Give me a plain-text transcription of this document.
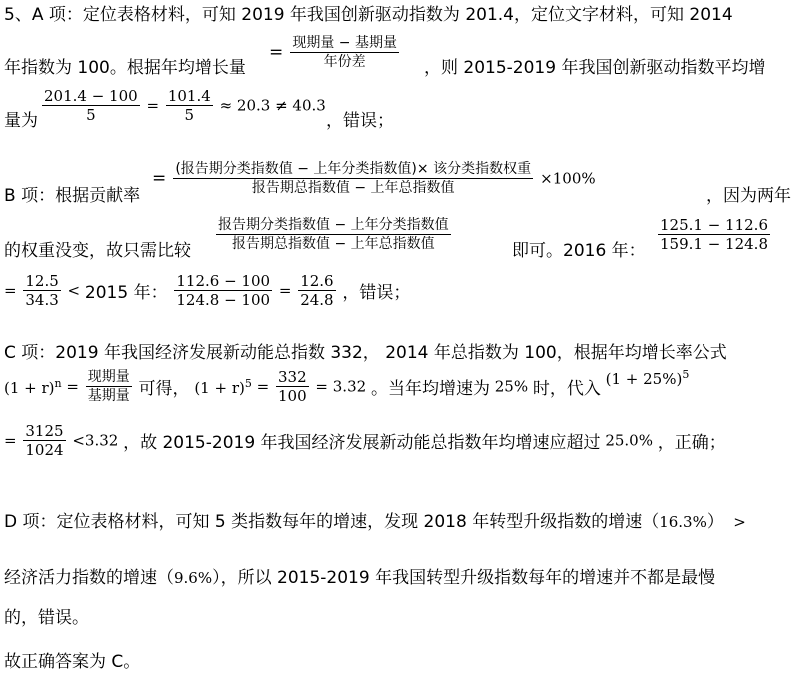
5、A 项：定位表格材料，可知 2019 年我国创新驱动指数为 201.4，定位文字材料，可知 2014
年指数为 100。根据年均增长量
= $\frac{\text{现期量 − 基期量}}{\text{年份差}}$ ，则 2015-2019 年我国创新驱动指数平均增
量为 $\frac{201.4 - 100}{5} = \frac{101.4}{5} \approx 20.3 \ne 40.3$
，错误；
B 项：根据贡献率
= $\frac{\text{(报告期分类指数值 − 上年分类指数值)× 该分类指数权重}}{\text{报告期总指数值 − 上年总指数值}} \times 100\%$
，因为两年
的权重没变，故只需比较 $\frac{\text{报告期分类指数值 − 上年分类指数值}}{\text{报告期总指数值 − 上年总指数值}}$	即可。2016 年： $\frac{125.1 - 112.6}{159.1 - 124.8}$
= $\frac{12.5}{34.3} < 2015$ 年： $\frac{112.6 - 100}{124.8 - 100} = \frac{12.6}{24.8}$ ，错误；
C 项：2019 年我国经济发展新动能总指数 332， 2014 年总指数为 100，根据年均增长率公式
$(1 + r)^n = \frac{\text{现期量}}{\text{基期量}}$ 可得， $(1 + r)^5 = \frac{332}{100} = 3.32$ 。当年均增速为 25% 时，代入 $(1 + 25\%)^5$
= $\frac{3125}{1024} <3.32$ ，故 2015-2019 年我国经济发展新动能总指数年均增速应超过 25.0% ，正确；
D 项：定位表格材料，可知 5 类指数每年的增速，发现 2018 年转型升级指数的增速（16.3%） >
经济活力指数的增速（9.6%），所以 2015-2019 年我国转型升级指数每年的增速并不都是最慢
的，错误。
故正确答案为 C。
